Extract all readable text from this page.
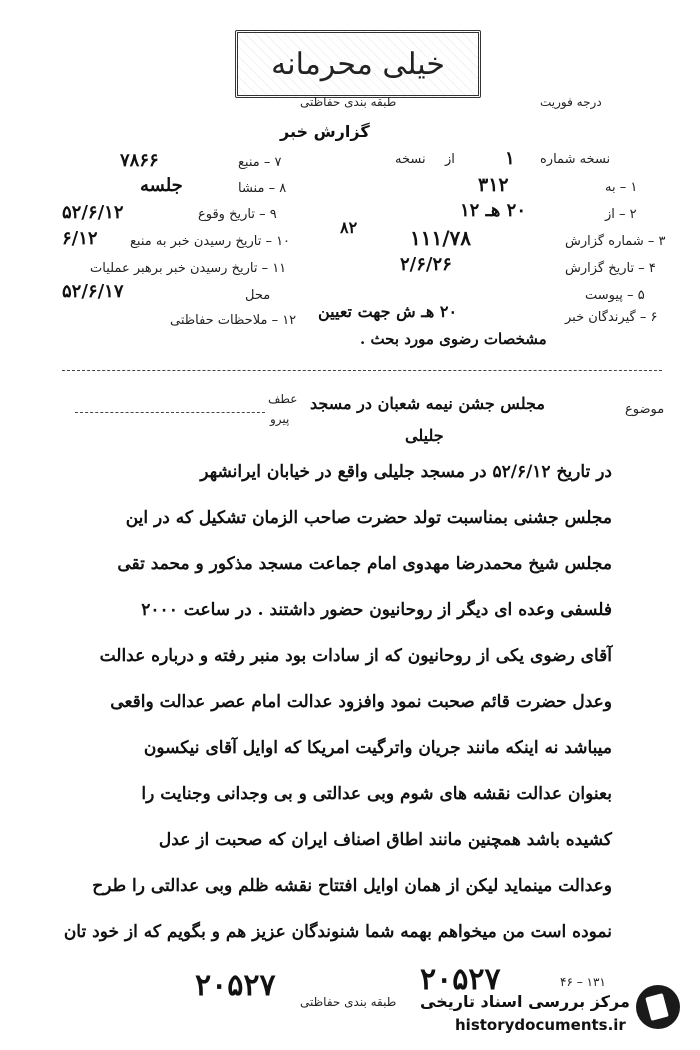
خیلی محرمانه
طبقه بندی حفاظتی	درجه فوریت
گزارش خبر
نسخه شماره
۱
از
نسخه
۱ – به
۳۱۲
۲ – از
۲۰ هـ ۱۲
۳ – شماره گزارش
۱۱۱/۷۸
۸۲
۴ – تاریخ گزارش
۲/۶/۲۶
۵ – پیوست
۶ – گیرندگان خبر
۲۰ هـ ش جهت تعیین
مشخصات رضوی مورد بحث .
۷ – منبع
۷۸۶۶
۸ – منشا
جلسه
۹ – تاریخ وقوع
۵۲/۶/۱۲
۱۰ – تاریخ رسیدن خبر به منبع
۶/۱۲
۱۱ – تاریخ رسیدن خبر برهبر عملیات
محل
۵۲/۶/۱۷
۱۲ – ملاحظات حفاظتی
موضوع
مجلس جشن نیمه شعبان در مسجد
جلیلی
عطف
پیرو
در تاریخ ۵۲/۶/۱۲ در مسجد جلیلی واقع در خیابان ایرانشهر
مجلس جشنی بمناسبت تولد حضرت صاحب الزمان تشکیل که در این
مجلس شیخ محمدرضا مهدوی امام جماعت مسجد مذکور و محمد تقی
فلسفی وعده ای دیگر از روحانیون حضور داشتند . در ساعت ۲۰۰۰
آقای رضوی یکی از روحانیون که از سادات بود منبر رفته و درباره عدالت
وعدل حضرت قائم صحبت نمود وافزود عدالت امام عصر عدالت واقعی
میباشد نه اینکه مانند جریان واترگیت امریکا که اوایل آقای نیکسون
بعنوان عدالت نقشه های شوم وبی عدالتی و بی وجدانی وجنایت را
کشیده باشد همچنین مانند اطاق اصناف ایران که صحبت از عدل
وعدالت مینماید لیکن از همان اوایل افتتاح نقشه ظلم وبی عدالتی را طرح
نموده است من میخواهم بهمه شما شنوندگان عزیز هم و بگویم که از خود تان
۲۰۵۲۷	۲۰۵۲۷
طبقه بندی حفاظتی
۱۳۱ – ۴۶
مرکز بررسی اسناد تاریخی
historydocuments.ir
